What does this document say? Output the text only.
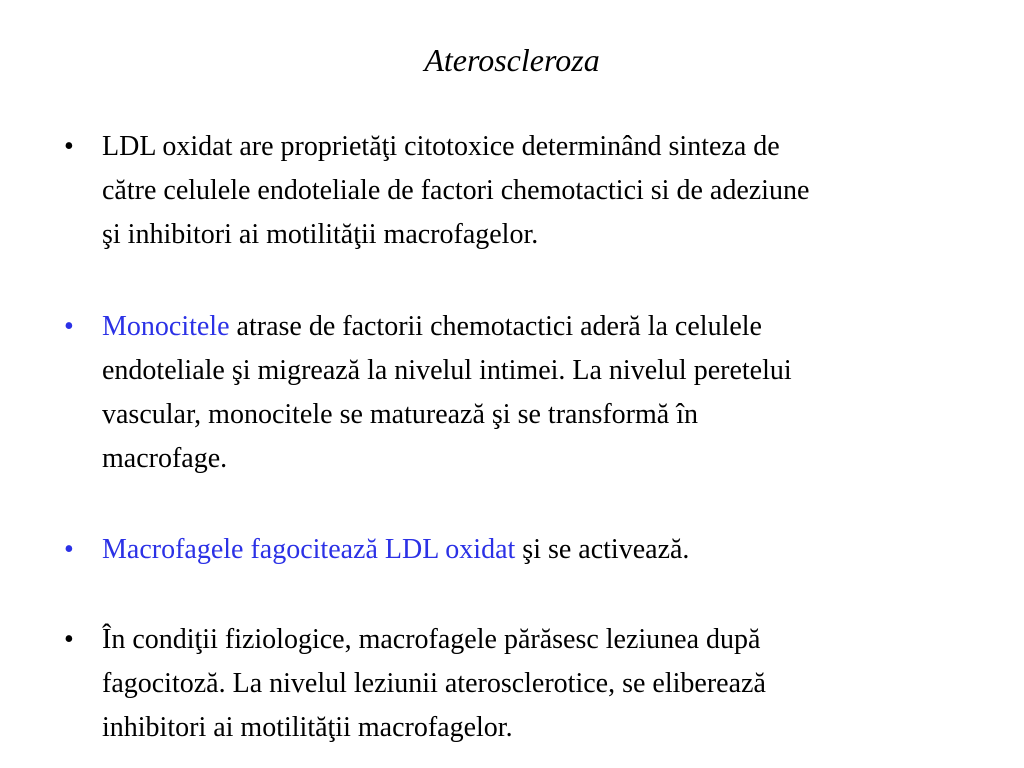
Ateroscleroza
• LDL oxidat are proprietăţi citotoxice determinând sinteza de
către celulele endoteliale de factori chemotactici si de adeziune
şi inhibitori ai motilităţii macrofagelor.
• Monocitele atrase de factorii chemotactici aderă la celulele
endoteliale şi migrează la nivelul intimei. La nivelul peretelui
vascular, monocitele se maturează şi se transformă în
macrofage.
• Macrofagele fagocitează LDL oxidat şi se activează.
• În condiţii fiziologice, macrofagele părăsesc leziunea după
fagocitoză. La nivelul leziunii aterosclerotice, se eliberează
inhibitori ai motilităţii macrofagelor.
